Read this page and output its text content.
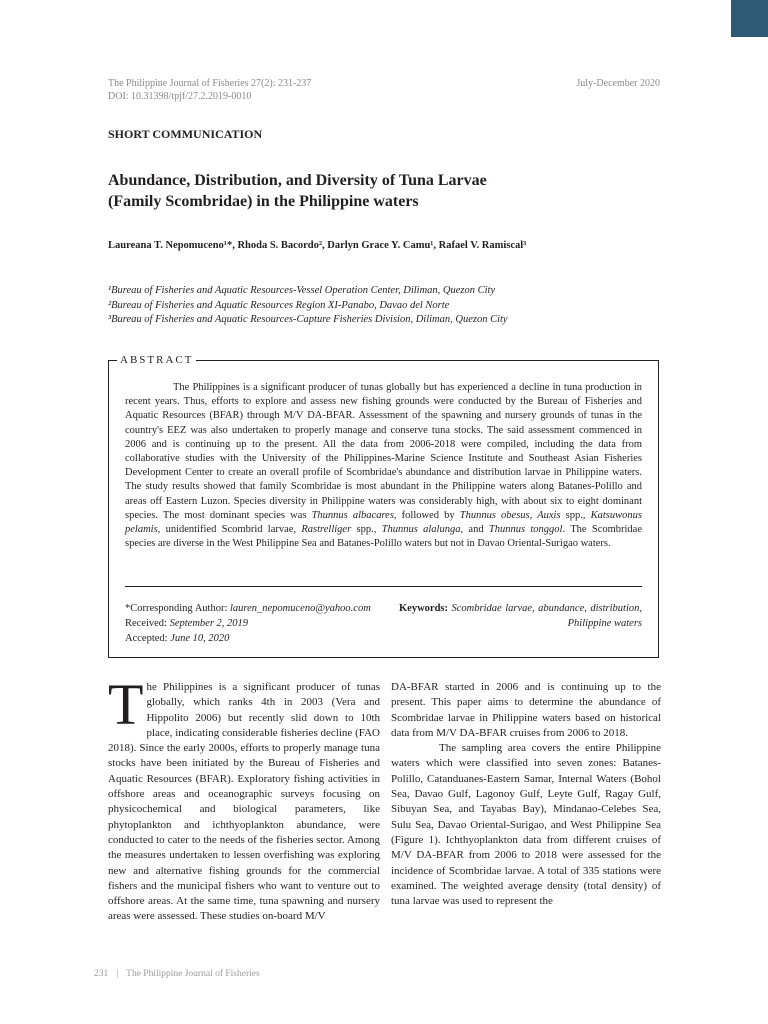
The Philippine Journal of Fisheries 27(2): 231-237
DOI: 10.31398/tpjf/27.2.2019-0010
July-December 2020
SHORT COMMUNICATION
Abundance, Distribution, and Diversity of Tuna Larvae
(Family Scombridae) in the Philippine waters
Laureana T. Nepomuceno¹*, Rhoda S. Bacordo², Darlyn Grace Y. Camu¹, Rafael V. Ramiscal³
¹Bureau of Fisheries and Aquatic Resources-Vessel Operation Center, Diliman, Quezon City
²Bureau of Fisheries and Aquatic Resources Region XI-Panabo, Davao del Norte
³Bureau of Fisheries and Aquatic Resources-Capture Fisheries Division, Diliman, Quezon City
ABSTRACT

The Philippines is a significant producer of tunas globally but has experienced a decline in tuna production in recent years. Thus, efforts to explore and assess new fishing grounds were conducted by the Bureau of Fisheries and Aquatic Resources (BFAR) through M/V DA-BFAR. Assessment of the spawning and nursery grounds of tunas in the country's EEZ was also undertaken to properly manage and conserve tuna stocks. The said assessment commenced in 2006 and is continuing up to the present. All the data from 2006-2018 were compiled, including the data from collaborative studies with the University of the Philippines-Marine Science Institute and Southeast Asian Fisheries Development Center to create an overall profile of Scombridae's abundance and distribution larvae in Philippine waters. The study results showed that family Scombridae is most abundant in the Philippine waters along Batanes-Polillo and areas off Eastern Luzon. Species diversity in Philippine waters was considerably high, with about six to eight dominant species. The most dominant species was Thunnus albacares, followed by Thunnus obesus, Auxis spp., Katsuwonus pelamis, unidentified Scombrid larvae, Rastrelliger spp., Thunnus alalunga, and Thunnus tonggol. The Scombridae species are diverse in the West Philippine Sea and Batanes-Polillo waters but not in Davao Oriental-Surigao waters.

*Corresponding Author: lauren_nepomuceno@yahoo.com
Received: September 2, 2019
Accepted: June 10, 2020
Keywords: Scombridae larvae, abundance, distribution, Philippine waters

The Philippines is a significant producer of tunas globally, which ranks 4th in 2003 (Vera and Hippolito 2006) but recently slid down to 10th place, indicating considerable fisheries decline (FAO 2018). Since the early 2000s, efforts to properly manage tuna stocks have been initiated by the Bureau of Fisheries and Aquatic Resources (BFAR). Exploratory fishing activities in offshore areas and oceanographic surveys focusing on physicochemical and biological parameters, like phytoplankton and ichthyoplankton abundance, were conducted to cater to the needs of the fisheries sector. Among the measures undertaken to lessen overfishing was exploring new and alternative fishing grounds for the commercial fishers and the municipal fishers who want to venture out to offshore areas. At the same time, tuna spawning and nursery areas were assessed. These studies on-board M/V

DA-BFAR started in 2006 and is continuing up to the present. This paper aims to determine the abundance of Scombridae larvae in Philippine waters based on historical data from M/V DA-BFAR cruises from 2006 to 2018.

The sampling area covers the entire Philippine waters which were classified into seven zones: Batanes-Polillo, Catanduanes-Eastern Samar, Internal Waters (Bohol Sea, Davao Gulf, Lagonoy Gulf, Leyte Gulf, Ragay Gulf, Sibuyan Sea, and Tayabas Bay), Mindanao-Celebes Sea, Sulu Sea, Davao Oriental-Surigao, and West Philippine Sea (Figure 1). Ichthyoplankton data from different cruises of M/V DA-BFAR from 2006 to 2018 were assessed for the incidence of Scombridae larvae. A total of 335 stations were examined. The weighted average density (total density) of tuna larvae was used to represent the

231 | The Philippine Journal of Fisheries
